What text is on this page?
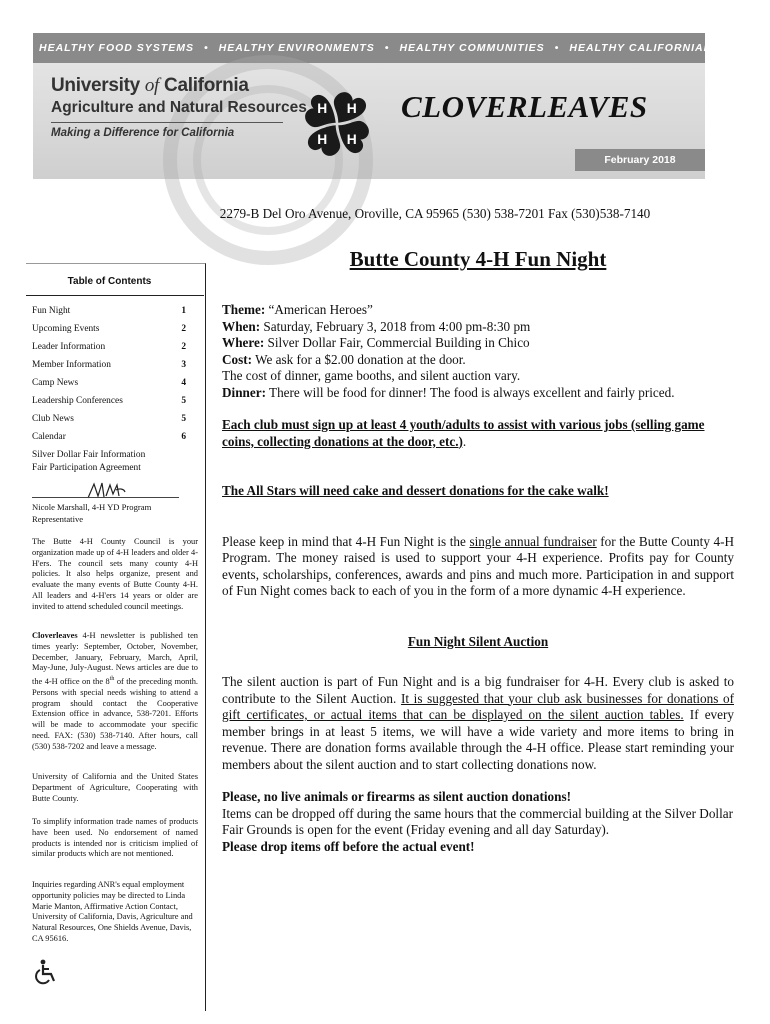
HEALTHY FOOD SYSTEMS • HEALTHY ENVIRONMENTS • HEALTHY COMMUNITIES • HEALTHY CALIFORNIANS
University of California
Agriculture and Natural Resources
Making a Difference for California
H H
H H
CLOVERLEAVES
February 2018
2279-B Del Oro Avenue, Oroville, CA 95965 (530) 538-7201 Fax (530)538-7140
Table of Contents
Fun Night	1
Upcoming Events	2
Leader Information	2
Member Information	3
Camp News	4
Leadership Conferences	5
Club News	5
Calendar	6
Silver Dollar Fair Information
Fair Participation Agreement
Nicole Marshall, 4-H YD Program
Representative
The Butte 4-H County Council is your organization made up of 4-H leaders and older 4-H'ers. The council sets many county 4-H policies. It also helps organize, present and evaluate the many events of Butte County 4-H. All leaders and 4-H'ers 14 years or older are invited to attend scheduled council meetings.
Cloverleaves 4-H newsletter is published ten times yearly: September, October, November, December, January, February, March, April, May-June, July-August. News articles are due to the 4-H office on the 8th of the preceding month. Persons with special needs wishing to attend a program should contact the Cooperative Extension office in advance, 538-7201. Efforts will be made to accommodate your specific need. FAX: (530) 538-7140. After hours, call (530) 538-7202 and leave a message.
University of California and the United States Department of Agriculture, Cooperating with Butte County.
To simplify information trade names of products have been used. No endorsement of named products is intended nor is criticism implied of similar products which are not mentioned.
Inquiries regarding ANR's equal employment opportunity policies may be directed to Linda Marie Manton, Affirmative Action Contact, University of California, Davis, Agriculture and Natural Resources, One Shields Avenue, Davis, CA 95616.
Butte County 4-H Fun Night

Theme: “American Heroes”

When: Saturday, February 3, 2018 from 4:00 pm-8:30 pm

Where: Silver Dollar Fair, Commercial Building in Chico

Cost: We ask for a $2.00 donation at the door.

The cost of dinner, game booths, and silent auction vary.

Dinner: There will be food for dinner! The food is always excellent and fairly priced.

Each club must sign up at least 4 youth/adults to assist with various jobs (selling game coins, collecting donations at the door, etc.).

The All Stars will need cake and dessert donations for the cake walk!

Please keep in mind that 4-H Fun Night is the single annual fundraiser for the Butte County 4-H Program. The money raised is used to support your 4-H experience. Profits pay for County events, scholarships, conferences, awards and pins and much more. Participation in and support of Fun Night comes back to each of you in the form of a more dynamic 4-H experience.

Fun Night Silent Auction

The silent auction is part of Fun Night and is a big fundraiser for 4-H. Every club is asked to contribute to the Silent Auction. It is suggested that your club ask businesses for donations of gift certificates, or actual items that can be displayed on the silent auction tables. If every member brings in at least 5 items, we will have a wide variety and more items to bring in revenue. There are donation forms available through the 4-H office. Please start reminding your members about the silent auction and to start collecting donations now.

Please, no live animals or firearms as silent auction donations!

Items can be dropped off during the same hours that the commercial building at the Silver Dollar Fair Grounds is open for the event (Friday evening and all day Saturday).

Please drop items off before the actual event!
